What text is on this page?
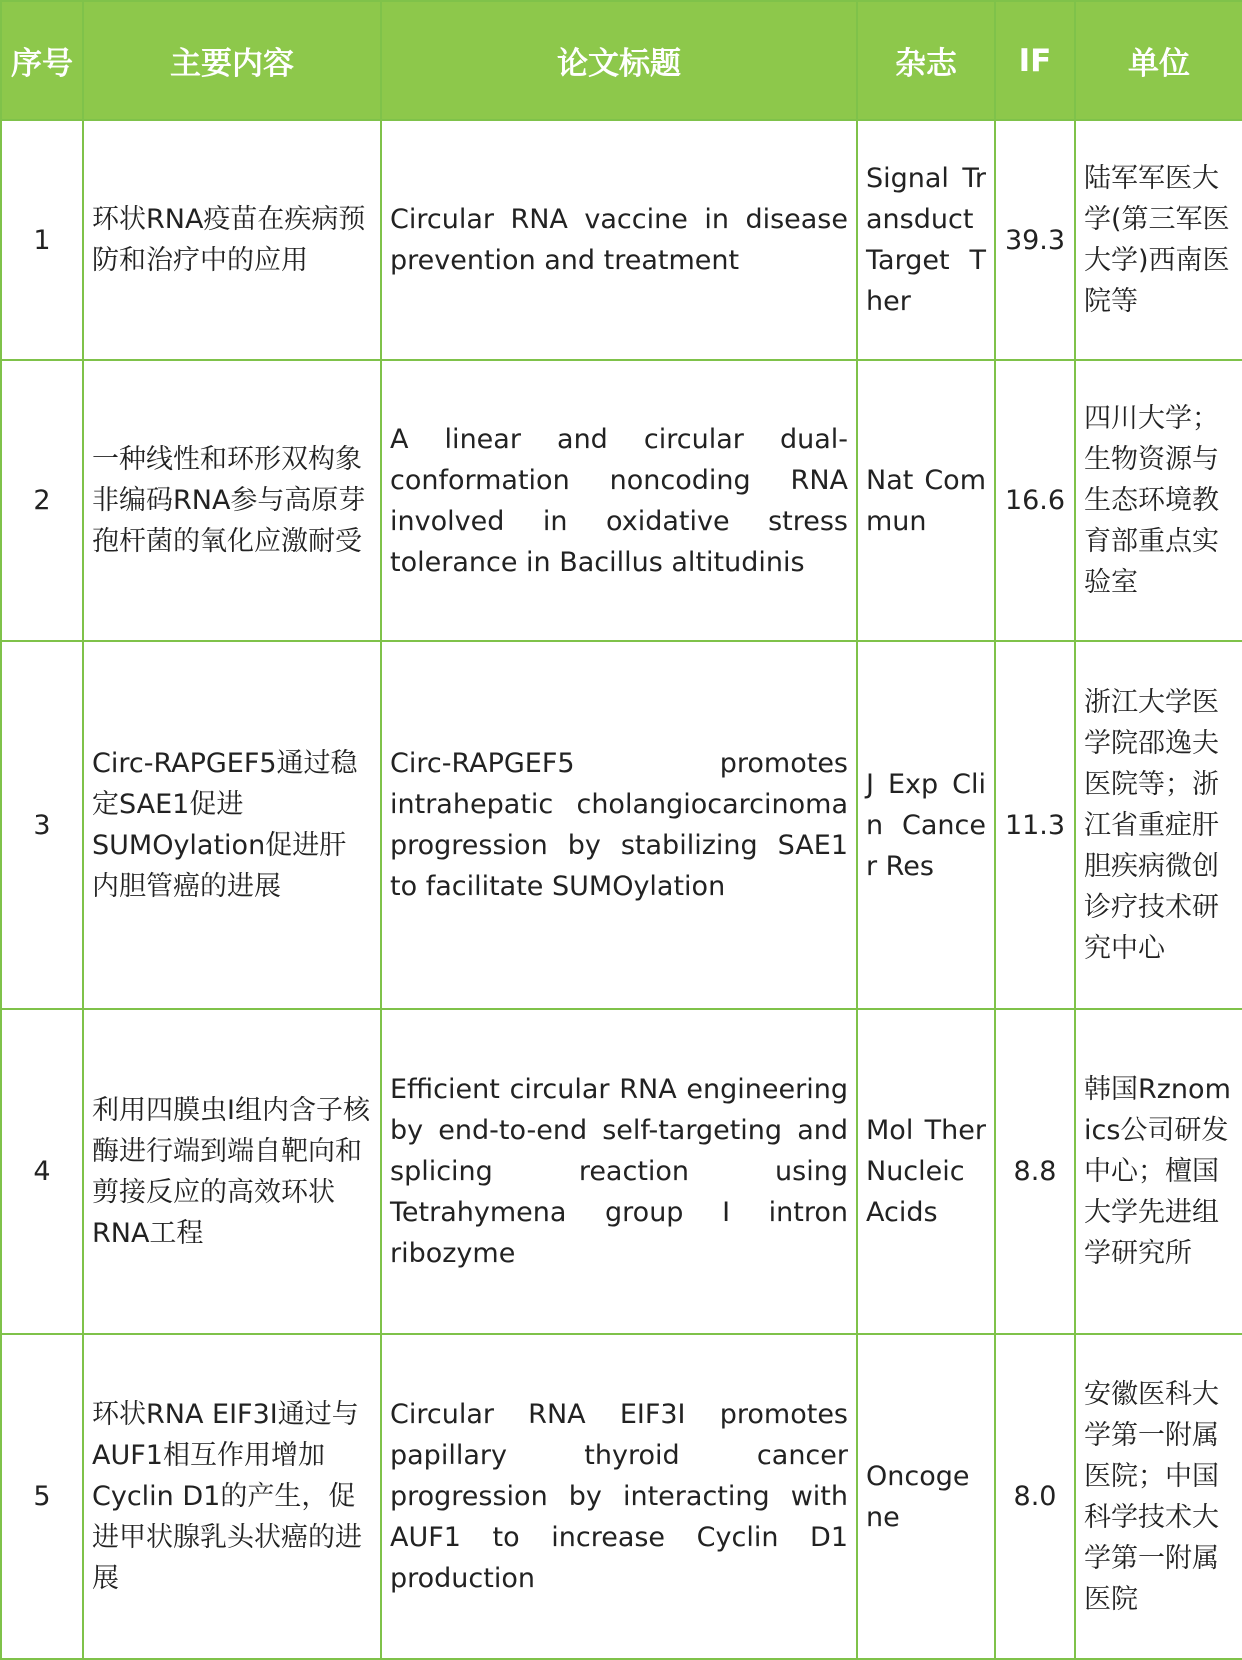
序号	主要内容	论文标题	杂志	IF	单位
1	环状RNA疫苗在疾病预防和治疗中的应用	Circular RNA vaccine in disease prevention and treatment	Signal Transduct Target Ther	39.3	陆军军医大学(第三军医大学)西南医院等
2	一种线性和环形双构象非编码RNA参与高原芽孢杆菌的氧化应激耐受	A linear and circular dual-conformation noncoding RNA involved in oxidative stress tolerance in Bacillus altitudinis	Nat Commun	16.6	四川大学；生物资源与生态环境教育部重点实验室
3	Circ-RAPGEF5通过稳定SAE1促进SUMOylation促进肝内胆管癌的进展	Circ-RAPGEF5 promotes intrahepatic cholangiocarcinoma progression by stabilizing SAE1 to facilitate SUMOylation	J Exp Clin Cancer Res	11.3	浙江大学医学院邵逸夫医院等；浙江省重症肝胆疾病微创诊疗技术研究中心
4	利用四膜虫I组内含子核酶进行端到端自靶向和剪接反应的高效环状RNA工程	Efficient circular RNA engineering by end-to-end self-targeting and splicing reaction using Tetrahymena group I intron ribozyme	Mol Ther Nucleic Acids	8.8	韩国Rznomics公司研发中心；檀国大学先进组学研究所
5	环状RNA EIF3I通过与AUF1相互作用增加Cyclin D1的产生，促进甲状腺乳头状癌的进展	Circular RNA EIF3I promotes papillary thyroid cancer progression by interacting with AUF1 to increase Cyclin D1 production	Oncogene	8.0	安徽医科大学第一附属医院；中国科学技术大学第一附属医院
